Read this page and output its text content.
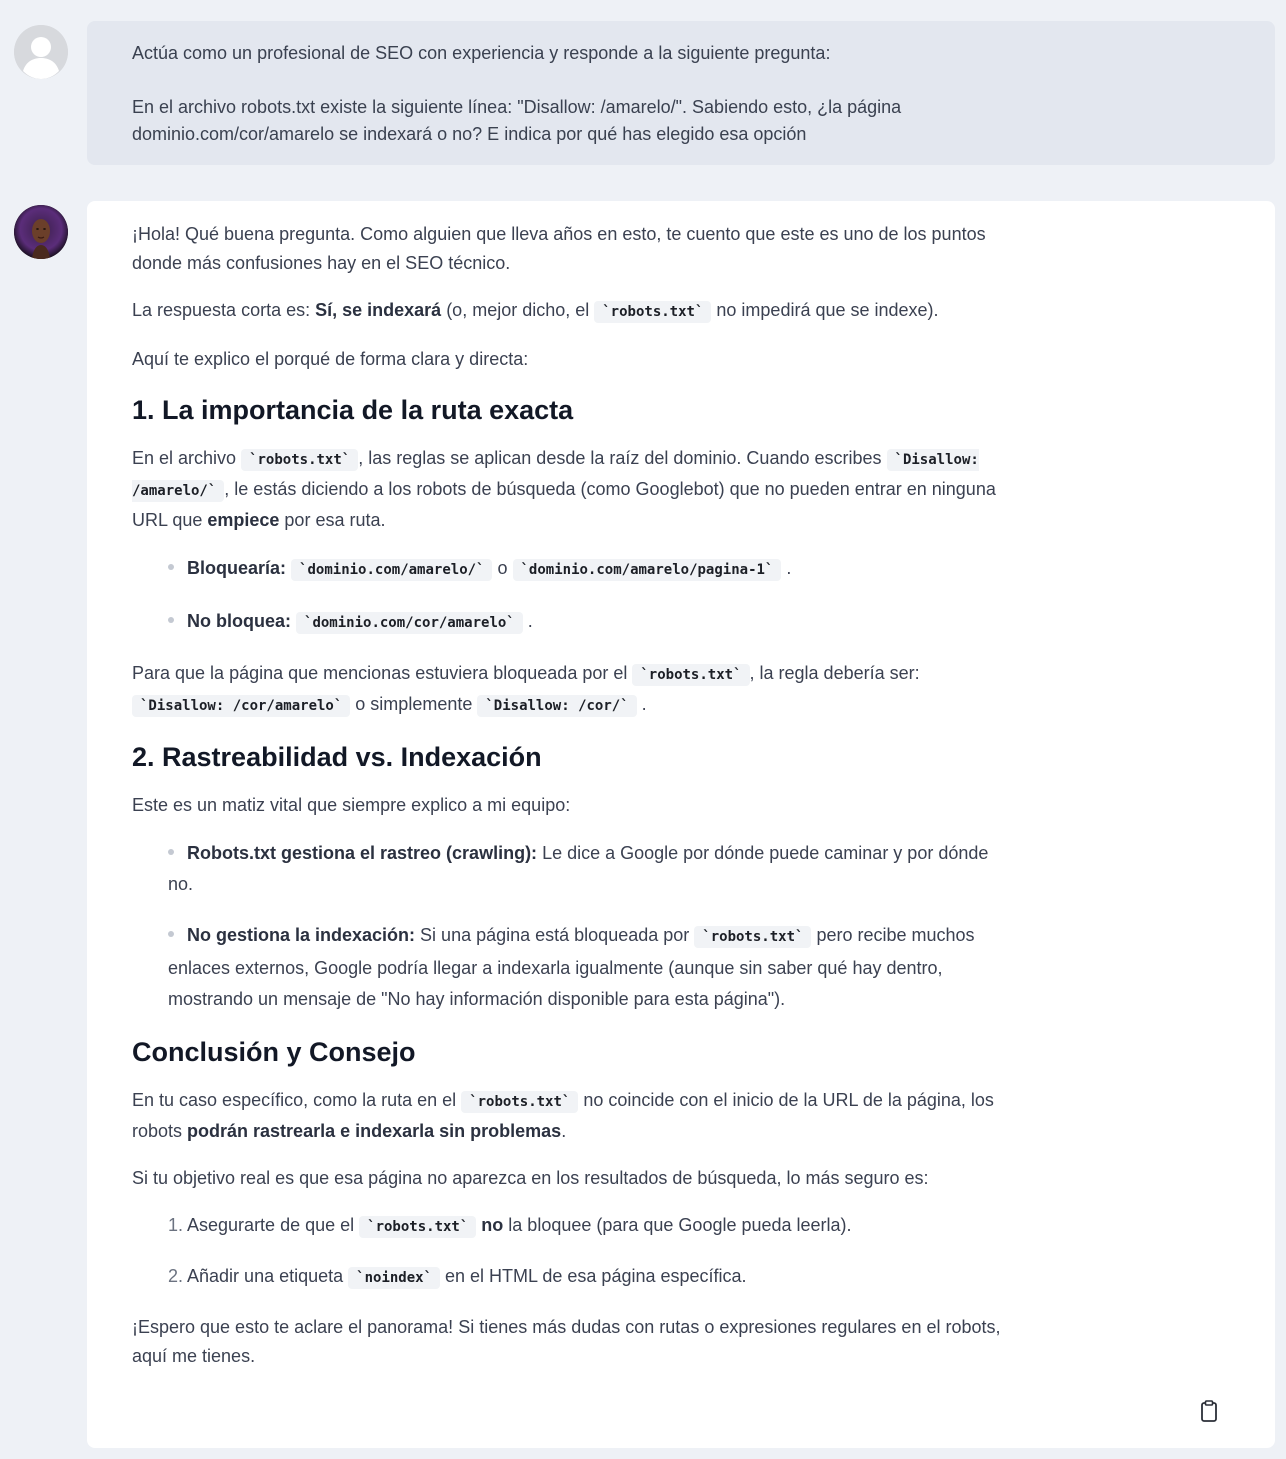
Actúa como un profesional de SEO con experiencia y responde a la siguiente pregunta:

En el archivo robots.txt existe la siguiente línea: "Disallow: /amarelo/". Sabiendo esto, ¿la página

dominio.com/cor/amarelo se indexará o no? E indica por qué has elegido esa opción

¡Hola! Qué buena pregunta. Como alguien que lleva años en esto, te cuento que este es uno de los puntos donde más confusiones hay en el SEO técnico.

La respuesta corta es: Sí, se indexará (o, mejor dicho, el `robots.txt` no impedirá que se indexe).

Aquí te explico el porqué de forma clara y directa:

1. La importancia de la ruta exacta

En el archivo `robots.txt` , las reglas se aplican desde la raíz del dominio. Cuando escribes `Disallow: /amarelo/` , le estás diciendo a los robots de búsqueda (como Googlebot) que no pueden entrar en ninguna URL que empiece por esa ruta.

Bloquearía: `dominio.com/amarelo/` o `dominio.com/amarelo/pagina-1` .
No bloquea: `dominio.com/cor/amarelo` .

Para que la página que mencionas estuviera bloqueada por el `robots.txt` , la regla debería ser: `Disallow: /cor/amarelo` o simplemente `Disallow: /cor/` .

2. Rastreabilidad vs. Indexación

Este es un matiz vital que siempre explico a mi equipo:

Robots.txt gestiona el rastreo (crawling): Le dice a Google por dónde puede caminar y por dónde no.
No gestiona la indexación: Si una página está bloqueada por `robots.txt` pero recibe muchos enlaces externos, Google podría llegar a indexarla igualmente (aunque sin saber qué hay dentro, mostrando un mensaje de "No hay información disponible para esta página").
Conclusión y Consejo

En tu caso específico, como la ruta en el `robots.txt` no coincide con el inicio de la URL de la página, los robots podrán rastrearla e indexarla sin problemas.

Si tu objetivo real es que esa página no aparezca en los resultados de búsqueda, lo más seguro es:

1. Asegurarte de que el `robots.txt` no la bloquee (para que Google pueda leerla).
2. Añadir una etiqueta `noindex` en el HTML de esa página específica.

¡Espero que esto te aclare el panorama! Si tienes más dudas con rutas o expresiones regulares en el robots, aquí me tienes.
